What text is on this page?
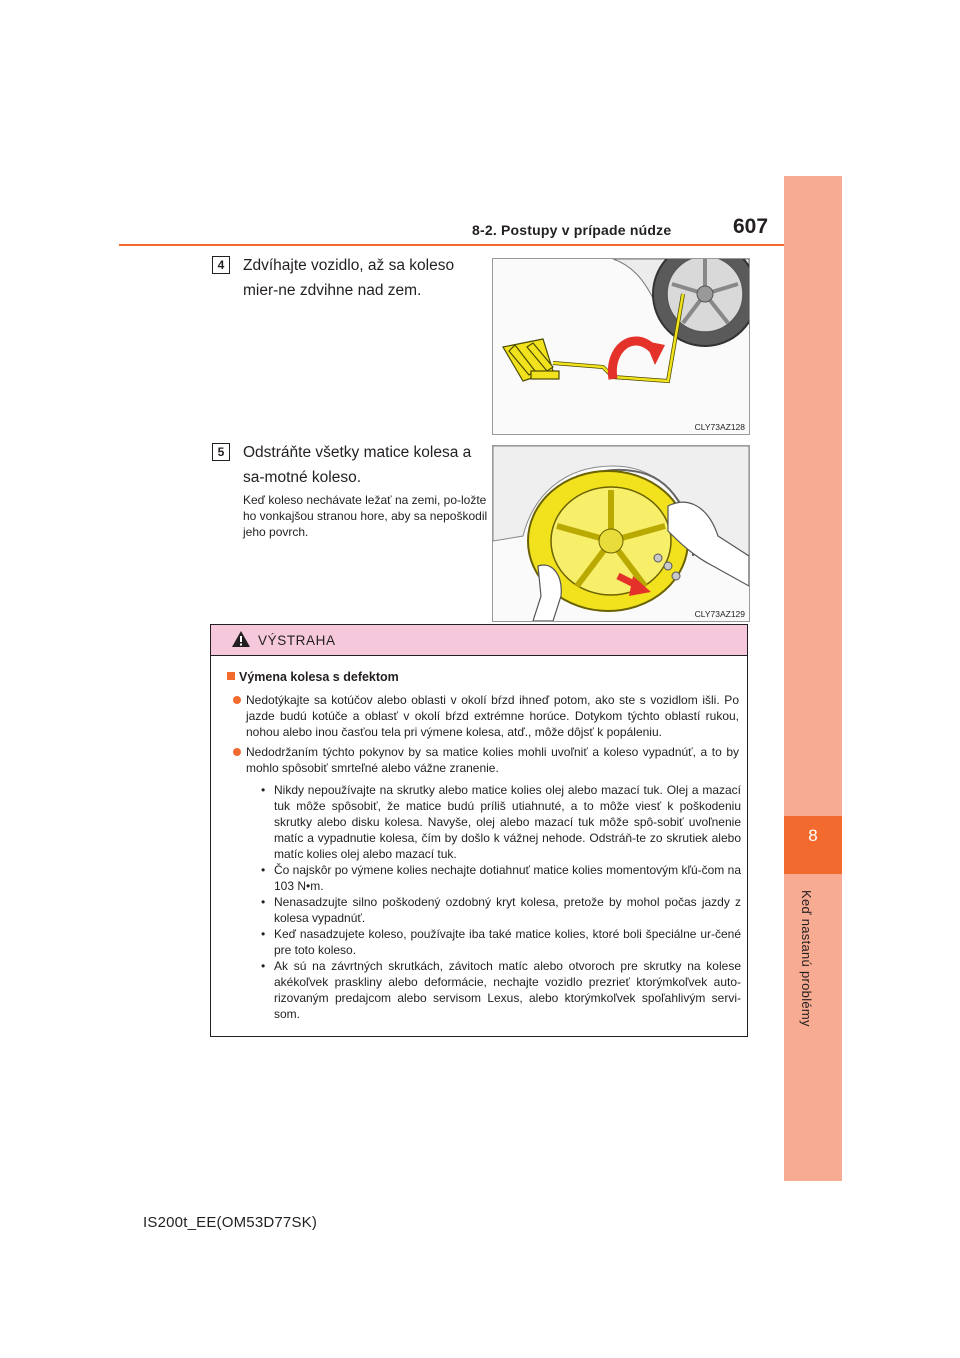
8
Keď nastanú problémy
8-2. Postupy v prípade núdze	607
4	Zdvíhajte vozidlo, až sa koleso mier-ne zdvihne nad zem.
CLY73AZ128
5	Odstráňte všetky matice kolesa a sa-motné koleso.
Keď koleso nechávate ležať na zemi, po-ložte ho vonkajšou stranou hore, aby sa nepoškodil jeho povrch.
CLY73AZ129
VÝSTRAHA
Výmena kolesa s defektom
Nedotýkajte sa kotúčov alebo oblasti v okolí bŕzd ihneď potom, ako ste s vozidlom išli. Po jazde budú kotúče a oblasť v okolí bŕzd extrémne horúce. Dotykom týchto oblastí rukou, nohou alebo inou časťou tela pri výmene kolesa, atď., môže dôjsť k popáleniu.
Nedodržaním týchto pokynov by sa matice kolies mohli uvoľniť a koleso vypadnúť, a to by mohlo spôsobiť smrteľné alebo vážne zranenie.
• Nikdy nepoužívajte na skrutky alebo matice kolies olej alebo mazací tuk. Olej a mazací tuk môže spôsobiť, že matice budú príliš utiahnuté, a to môže viesť k poškodeniu skrutky alebo disku kolesa. Navyše, olej alebo mazací tuk môže spô-sobiť uvoľnenie matíc a vypadnutie kolesa, čím by došlo k vážnej nehode. Odstráň-te zo skrutiek alebo matíc kolies olej alebo mazací tuk.
• Čo najskôr po výmene kolies nechajte dotiahnuť matice kolies momentovým kľú-čom na 103 N•m.
• Nenasadzujte silno poškodený ozdobný kryt kolesa, pretože by mohol počas jazdy z kolesa vypadnúť.
• Keď nasadzujete koleso, používajte iba také matice kolies, ktoré boli špeciálne ur-čené pre toto koleso.
• Ak sú na závrtných skrutkách, závitoch matíc alebo otvoroch pre skrutky na kolese akékoľvek praskliny alebo deformácie, nechajte vozidlo prezrieť ktorýmkoľvek auto-rizovaným predajcom alebo servisom Lexus, alebo ktorýmkoľvek spoľahlivým servi-som.
IS200t_EE(OM53D77SK)
